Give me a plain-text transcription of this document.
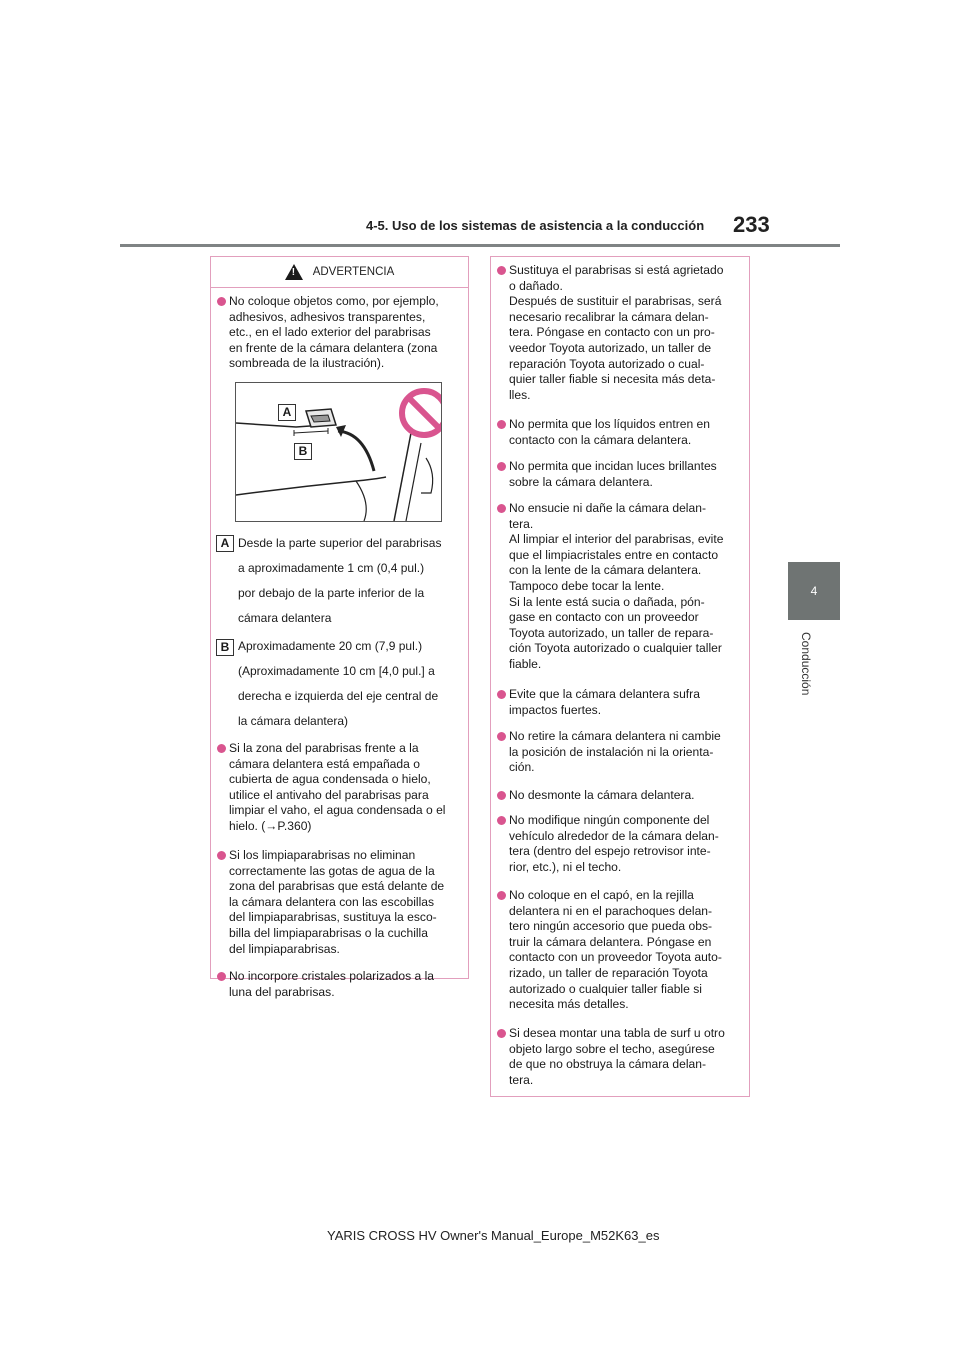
4-5. Uso de los sistemas de asistencia a la conducción 233
4
Conducción
! ADVERTENCIA
No coloque objetos como, por ejemplo,
adhesivos, adhesivos transparentes,
etc., en el lado exterior del parabrisas
en frente de la cámara delantera (zona
sombreada de la ilustración).
A
B
A Desde la parte superior del parabrisas
a aproximadamente 1 cm (0,4 pul.)
por debajo de la parte inferior de la
cámara delantera
B Aproximadamente 20 cm (7,9 pul.)
(Aproximadamente 10 cm [4,0 pul.] a
derecha e izquierda del eje central de
la cámara delantera)
Si la zona del parabrisas frente a la
cámara delantera está empañada o
cubierta de agua condensada o hielo,
utilice el antivaho del parabrisas para
limpiar el vaho, el agua condensada o el
hielo. (→P.360)
Si los limpiaparabrisas no eliminan
correctamente las gotas de agua de la
zona del parabrisas que está delante de
la cámara delantera con las escobillas
del limpiaparabrisas, sustituya la esco-
billa del limpiaparabrisas o la cuchilla
del limpiaparabrisas.
No incorpore cristales polarizados a la
luna del parabrisas.
Sustituya el parabrisas si está agrietado
o dañado.
Después de sustituir el parabrisas, será
necesario recalibrar la cámara delan-
tera. Póngase en contacto con un pro-
veedor Toyota autorizado, un taller de
reparación Toyota autorizado o cual-
quier taller fiable si necesita más deta-
lles.
No permita que los líquidos entren en
contacto con la cámara delantera.
No permita que incidan luces brillantes
sobre la cámara delantera.
No ensucie ni dañe la cámara delan-
tera.
Al limpiar el interior del parabrisas, evite
que el limpiacristales entre en contacto
con la lente de la cámara delantera.
Tampoco debe tocar la lente.
Si la lente está sucia o dañada, pón-
gase en contacto con un proveedor
Toyota autorizado, un taller de repara-
ción Toyota autorizado o cualquier taller
fiable.
Evite que la cámara delantera sufra
impactos fuertes.
No retire la cámara delantera ni cambie
la posición de instalación ni la orienta-
ción.
No desmonte la cámara delantera.
No modifique ningún componente del
vehículo alrededor de la cámara delan-
tera (dentro del espejo retrovisor inte-
rior, etc.), ni el techo.
No coloque en el capó, en la rejilla
delantera ni en el parachoques delan-
tero ningún accesorio que pueda obs-
truir la cámara delantera. Póngase en
contacto con un proveedor Toyota auto-
rizado, un taller de reparación Toyota
autorizado o cualquier taller fiable si
necesita más detalles.
Si desea montar una tabla de surf u otro
objeto largo sobre el techo, asegúrese
de que no obstruya la cámara delan-
tera.
YARIS CROSS HV Owner's Manual_Europe_M52K63_es
